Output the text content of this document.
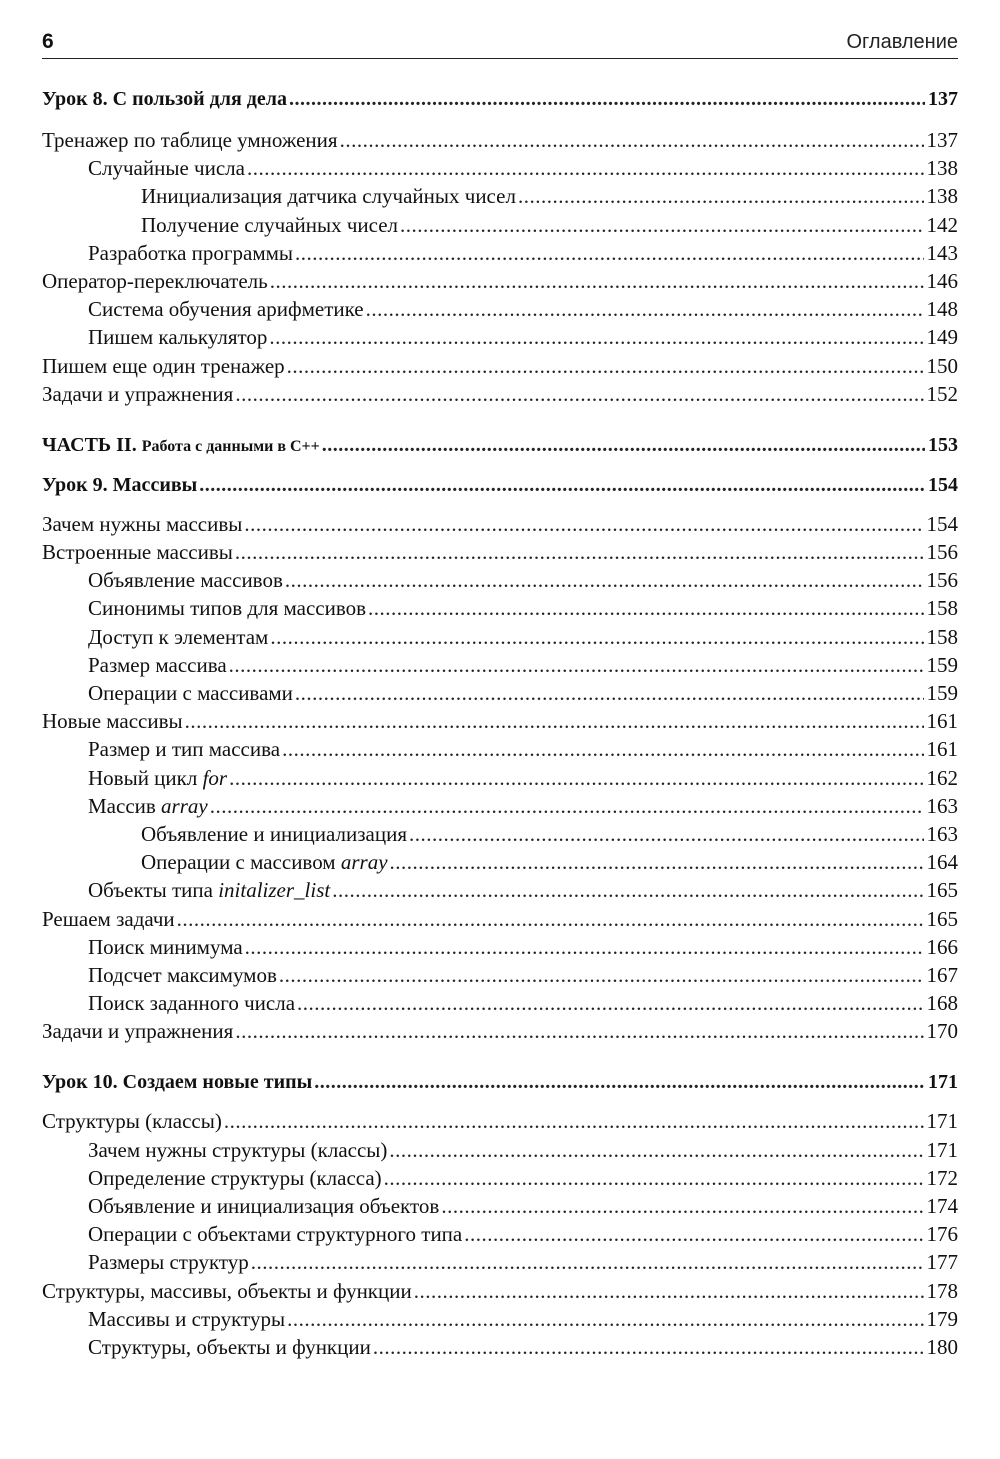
6	Оглавление
Урок 8. С пользой для дела .....	137
Тренажер по таблице умножения .....	137
Случайные числа .....	138
Инициализация датчика случайных чисел .....	138
Получение случайных чисел .....	142
Разработка программы .....	143
Оператор-переключатель .....	146
Система обучения арифметике .....	148
Пишем калькулятор .....	149
Пишем еще один тренажер .....	150
Задачи и упражнения .....	152
ЧАСТЬ II. Работа с данными в C++ .....	153
Урок 9. Массивы .....	154
Зачем нужны массивы .....	154
Встроенные массивы .....	156
Объявление массивов .....	156
Синонимы типов для массивов .....	158
Доступ к элементам .....	158
Размер массива .....	159
Операции с массивами .....	159
Новые массивы .....	161
Размер и тип массива .....	161
Новый цикл for .....	162
Массив array .....	163
Объявление и инициализация .....	163
Операции с массивом array .....	164
Объекты типа initalizer_list .....	165
Решаем задачи .....	165
Поиск минимума .....	166
Подсчет максимумов .....	167
Поиск заданного числа .....	168
Задачи и упражнения .....	170
Урок 10. Создаем новые типы .....	171
Структуры (классы) .....	171
Зачем нужны структуры (классы) .....	171
Определение структуры (класса) .....	172
Объявление и инициализация объектов .....	174
Операции с объектами структурного типа .....	176
Размеры структур .....	177
Структуры, массивы, объекты и функции .....	178
Массивы и структуры .....	179
Структуры, объекты и функции .....	180
